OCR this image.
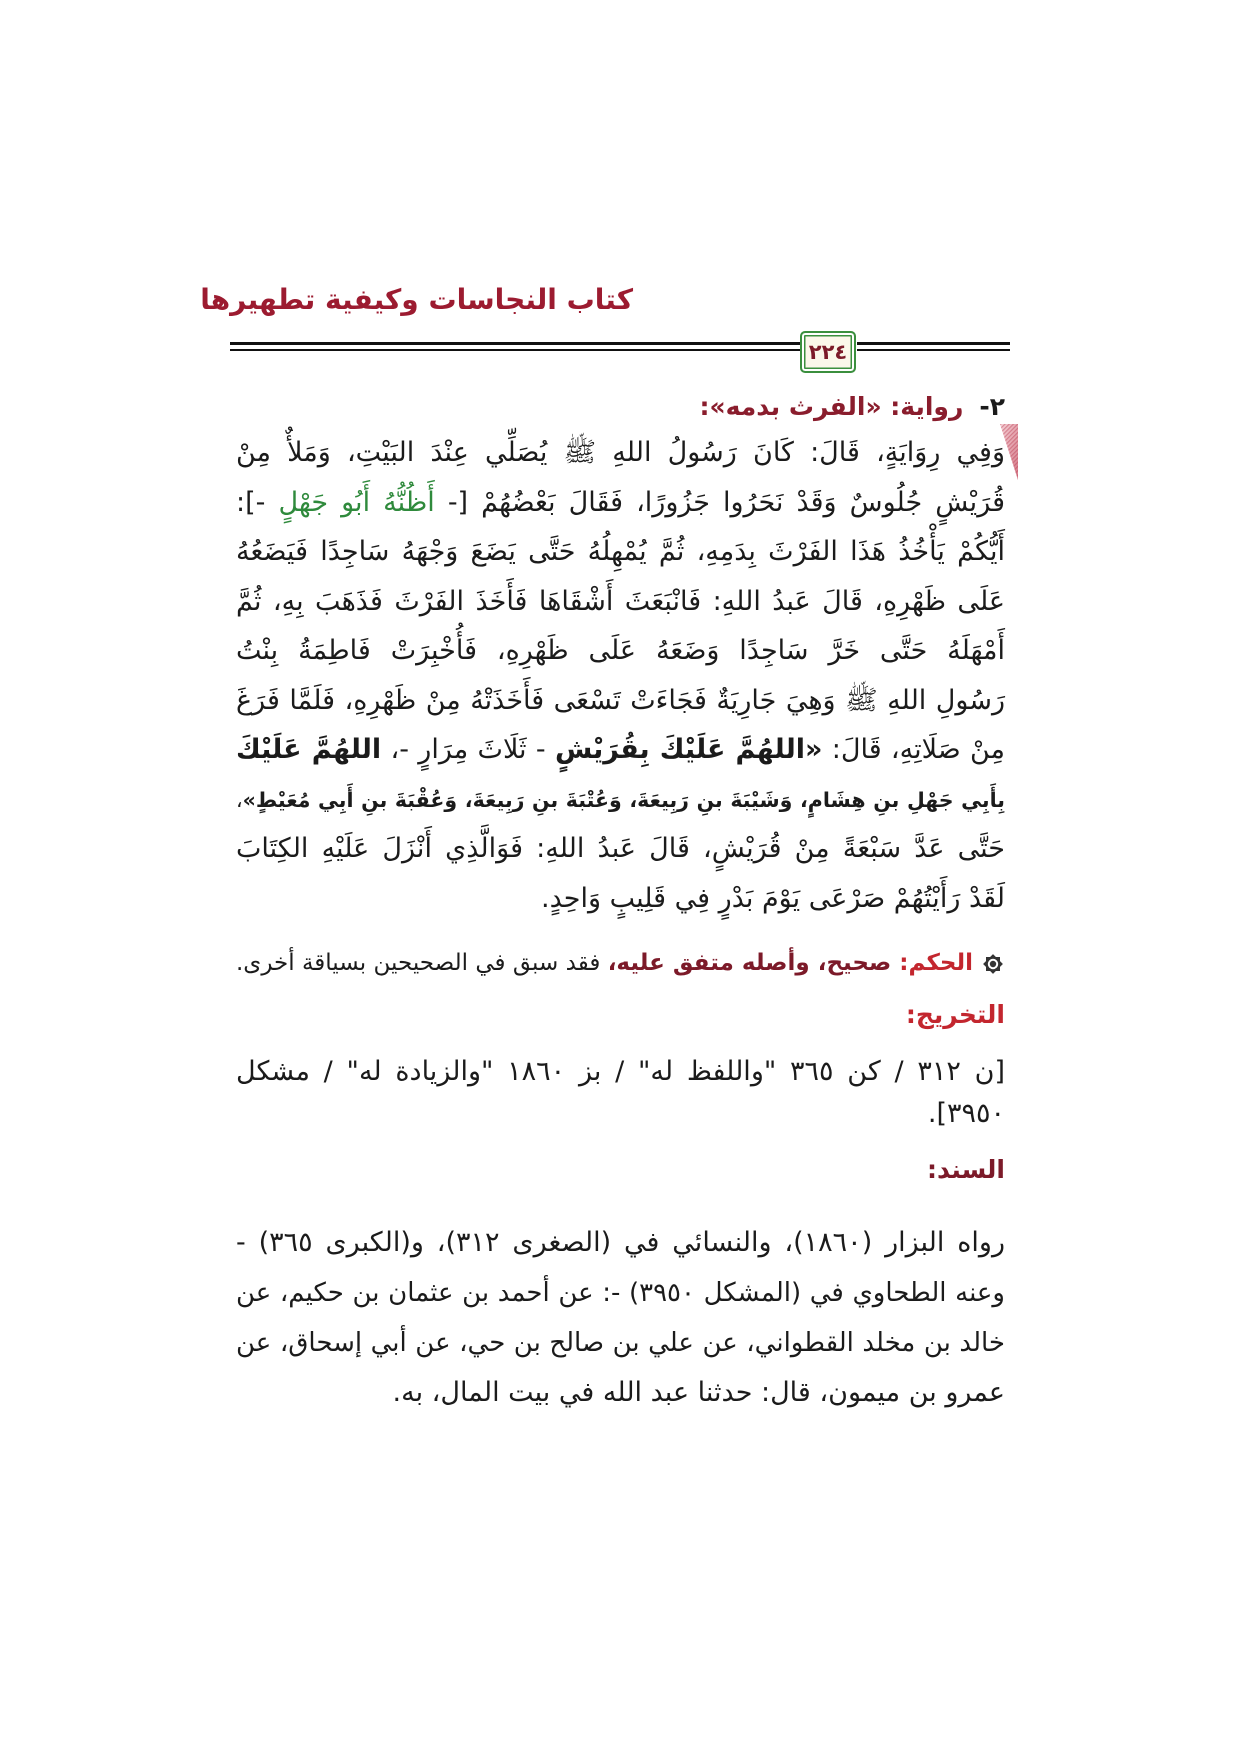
كتاب النجاسات وكيفية تطهيرها
٢٢٤
٢-رواية: «الفرث بدمه»:
وَفِي رِوَايَةٍ، قَالَ: كَانَ رَسُولُ اللهِ ﷺ يُصَلِّي عِنْدَ البَيْتِ، وَمَلأٌ مِنْ
قُرَيْشٍ جُلُوسٌ وَقَدْ نَحَرُوا جَزُورًا، فَقَالَ بَعْضُهُمْ [- أَظُنُّهُ أَبُو جَهْلٍ -]:
أَيُّكُمْ يَأْخُذُ هَذَا الفَرْثَ بِدَمِهِ، ثُمَّ يُمْهِلُهُ حَتَّى يَضَعَ وَجْهَهُ سَاجِدًا فَيَضَعُهُ
عَلَى ظَهْرِهِ، قَالَ عَبدُ اللهِ: فَانْبَعَثَ أَشْقَاهَا فَأَخَذَ الفَرْثَ فَذَهَبَ بِهِ، ثُمَّ
أَمْهَلَهُ حَتَّى خَرَّ سَاجِدًا وَضَعَهُ عَلَى ظَهْرِهِ، فَأُخْبِرَتْ فَاطِمَةُ بِنْتُ
رَسُولِ اللهِ ﷺ وَهِيَ جَارِيَةٌ فَجَاءَتْ تَسْعَى فَأَخَذَتْهُ مِنْ ظَهْرِهِ، فَلَمَّا فَرَغَ
مِنْ صَلَاتِهِ، قَالَ: «اللهُمَّ عَلَيْكَ بِقُرَيْشٍ - ثَلَاثَ مِرَارٍ -، اللهُمَّ عَلَيْكَ
بِأَبِي جَهْلِ بنِ هِشَامٍ، وَشَيْبَةَ بنِ رَبِيعَةَ، وَعُتْبَةَ بنِ رَبِيعَةَ، وَعُقْبَةَ بنِ أَبِي مُعَيْطٍ»،
حَتَّى عَدَّ سَبْعَةً مِنْ قُرَيْشٍ، قَالَ عَبدُ اللهِ: فَوَالَّذِي أَنْزَلَ عَلَيْهِ الكِتَابَ
لَقَدْ رَأَيْتُهُمْ صَرْعَى يَوْمَ بَدْرٍ فِي قَلِيبٍ وَاحِدٍ.
الحكم: صحيح، وأصله متفق عليه، فقد سبق في الصحيحين بسياقة أخرى.
التخريج:
[ن ٣١٢ / كن ٣٦٥ "واللفظ له" / بز ١٨٦٠ "والزيادة له" / مشكل
٣٩٥٠].
السند:
رواه البزار (١٨٦٠)، والنسائي في (الصغرى ٣١٢)، و(الكبرى ٣٦٥) -
وعنه الطحاوي في (المشكل ٣٩٥٠) -: عن أحمد بن عثمان بن حكيم، عن
خالد بن مخلد القطواني، عن علي بن صالح بن حي، عن أبي إسحاق، عن
عمرو بن ميمون، قال: حدثنا عبد الله في بيت المال، به.
